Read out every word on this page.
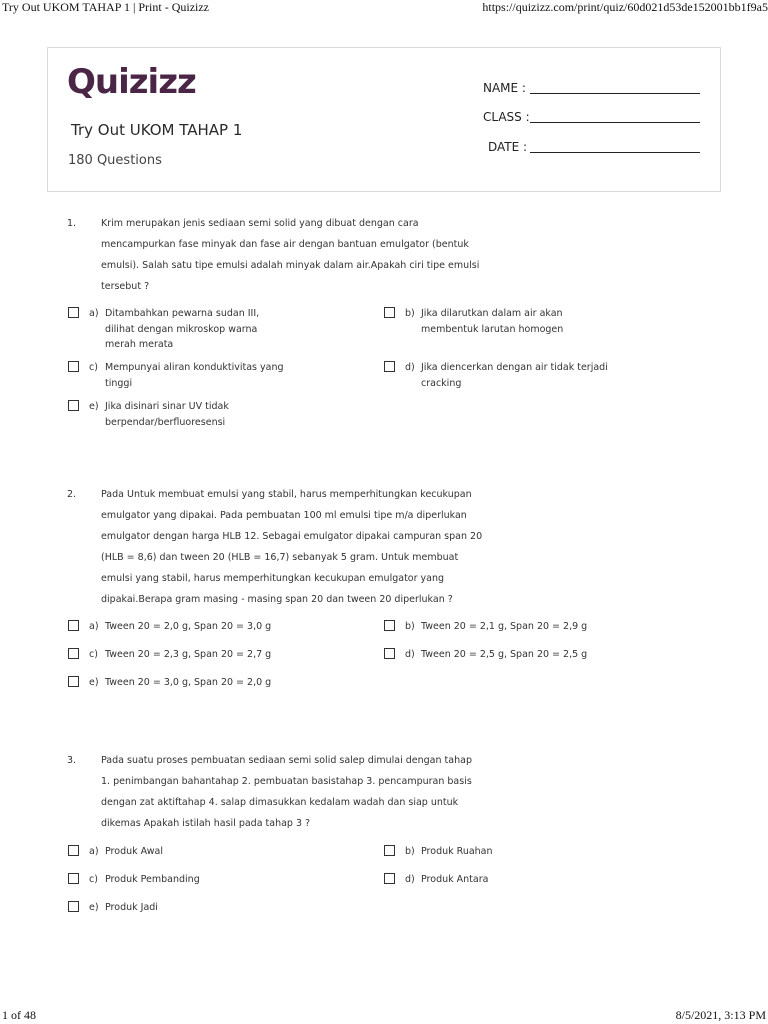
Try Out UKOM TAHAP 1 | Print - Quizizz	https://quizizz.com/print/quiz/60d021d53de152001bb1f9a5
Quizizz
Try Out UKOM TAHAP 1
180 Questions
NAME :
CLASS :
DATE :
1.	Krim merupakan jenis sediaan semi solid yang dibuat dengan cara mencampurkan fase minyak dan fase air dengan bantuan emulgator (bentuk emulsi). Salah satu tipe emulsi adalah minyak dalam air.Apakah ciri tipe emulsi tersebut ?
a) Ditambahkan pewarna sudan III, dilihat dengan mikroskop warna merah merata
b) Jika dilarutkan dalam air akan membentuk larutan homogen
c) Mempunyai aliran konduktivitas yang tinggi
d) Jika diencerkan dengan air tidak terjadi cracking
e) Jika disinari sinar UV tidak berpendar/berfluoresensi
2.	Pada Untuk membuat emulsi yang stabil, harus memperhitungkan kecukupan emulgator yang dipakai. Pada pembuatan 100 ml emulsi tipe m/a diperlukan emulgator dengan harga HLB 12. Sebagai emulgator dipakai campuran span 20 (HLB = 8,6) dan tween 20 (HLB = 16,7) sebanyak 5 gram. Untuk membuat emulsi yang stabil, harus memperhitungkan kecukupan emulgator yang dipakai.Berapa gram masing - masing span 20 dan tween 20 diperlukan ?
a) Tween 20 = 2,0 g, Span 20 = 3,0 g	b) Tween 20 = 2,1 g, Span 20 = 2,9 g
c) Tween 20 = 2,3 g, Span 20 = 2,7 g	d) Tween 20 = 2,5 g, Span 20 = 2,5 g
e) Tween 20 = 3,0 g, Span 20 = 2,0 g
3.	Pada suatu proses pembuatan sediaan semi solid salep dimulai dengan tahap 1. penimbangan bahantahap 2. pembuatan basistahap 3. pencampuran basis dengan zat aktiftahap 4. salap dimasukkan kedalam wadah dan siap untuk dikemas Apakah istilah hasil pada tahap 3 ?
a) Produk Awal	b) Produk Ruahan
c) Produk Pembanding	d) Produk Antara
e) Produk Jadi
1 of 48	8/5/2021, 3:13 PM
